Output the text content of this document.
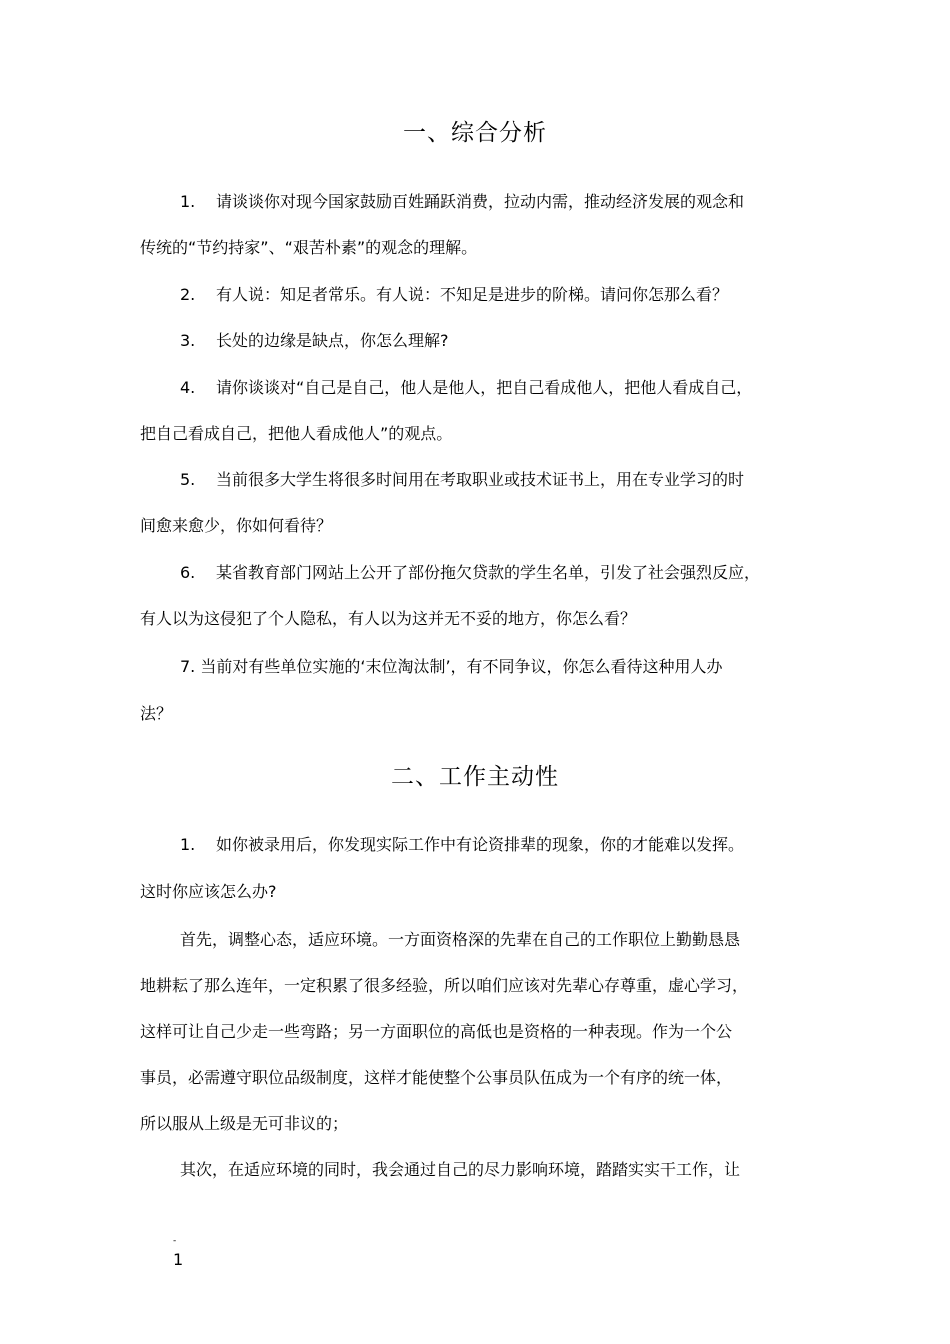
一、综合分析
1. 请谈谈你对现今国家鼓励百姓踊跃消费，拉动内需，推动经济发展的观念和
传统的“节约持家”、“艰苦朴素”的观念的理解。
2. 有人说：知足者常乐。有人说：不知足是进步的阶梯。请问你怎那么看？
3. 长处的边缘是缺点，你怎么理解?
4. 请你谈谈对“自己是自己，他人是他人，把自己看成他人，把他人看成自己，
把自己看成自己，把他人看成他人”的观点。
5. 当前很多大学生将很多时间用在考取职业或技术证书上，用在专业学习的时
间愈来愈少，你如何看待？
6. 某省教育部门网站上公开了部份拖欠贷款的学生名单，引发了社会强烈反应，
有人以为这侵犯了个人隐私，有人以为这并无不妥的地方，你怎么看？
7. 当前对有些单位实施的‘末位淘汰制’，有不同争议，你怎么看待这种用人办
法？
二、工作主动性
1. 如你被录用后，你发现实际工作中有论资排辈的现象，你的才能难以发挥。
这时你应该怎么办?
首先，调整心态，适应环境。一方面资格深的先辈在自己的工作职位上勤勤恳恳
地耕耘了那么连年，一定积累了很多经验，所以咱们应该对先辈心存尊重，虚心学习，
这样可让自己少走一些弯路；另一方面职位的高低也是资格的一种表现。作为一个公
事员，必需遵守职位品级制度，这样才能使整个公事员队伍成为一个有序的统一体，
所以服从上级是无可非议的；
其次，在适应环境的同时，我会通过自己的尽力影响环境，踏踏实实干工作，让
-
1
